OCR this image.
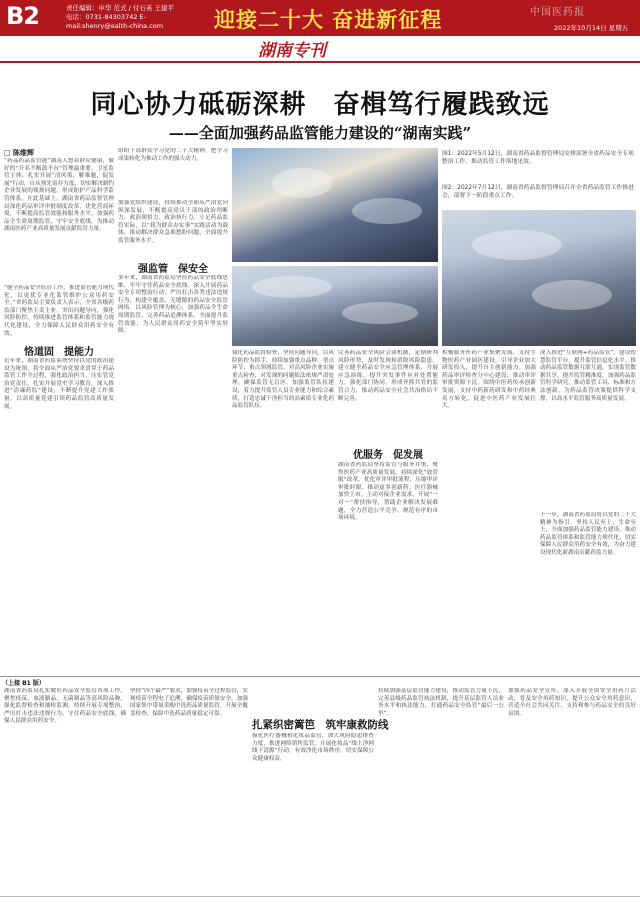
B2	责任编辑：申华 范式 / 付石英 王建平
电话：0731-84303742 E-mail:shenry@ealth-china.com	迎接二十大 奋进新征程	中国医药报
2022年10月14日 星期五
湖南专刊
同心协力砥砺深耕　奋楫笃行履践致远
——全面加强药品监管能力建设的“湖南实践”
□ 陈维辉
“药品药品监管能”湖南人想着群众健康，做好的“升名不断鼓不台”管理最重要，卫星监管主体，扎实开展“清风策，解难题，促发展”行动，自从预先寄存力度，切实解决制约企业发展的瓶颈问题，形成防护产品科学监管体系。在此基础上，湖南省药品监督管理局深化药品审评审批制度改革，优化营商环境，不断提高监管效能和服务水平，加强药品全生命周期监管，守牢安全底线，为推动湖南医药产业高质量发展贡献监管力量。
“健全药品安全监管工作，推进监管能力现代化，以更优专业化监管维护公众用药安全。”省药监局主要负责人表示，全省各级药监部门聚焦主责主业，突出问题导向，强化风险防控，持续推进监管体系和监管能力现代化建设，全力保障人民群众用药安全有效。
恪道固　提能力
近年来，湖南省药监系统坚持以党的政治建设为统领，将全面从严治党要求贯穿于药品监管工作全过程，强化政治担当，压实管党治党责任。扎实开展党史学习教育，深入推进“清廉药监”建设，不断提升党建工作质量。以高质量党建引领药品监管高质量发展。
组织干部群众学习党的二十大精神，把学习成果转化为推动工作的强大动力。
加强党组织建设，持续推动全面从严治党向纵深发展，不断提高党员干部的政治判断力、政治领悟力、政治执行力。立足药品监管实际，以“我为群众办实事”实践活动为载体，推动解决群众急难愁盼问题，全面提升监管服务水平。
强监管　保安全
多年来，湖南省药监局坚持药品安全底线思维，牢牢守住药品安全底线。深入开展药品安全专项整治行动，严厉打击各类违法违规行为，构建全覆盖、无缝隙的药品安全监管网络。以风险管理为核心，加强药品全生命周期监管，完善药品追溯体系，全面提升监管效能，为人民群众用药安全筑牢坚实屏障。
图1：2022年5月12日，湖南省药品监督管理局安排部署全省药品安全专项整治工作，推动监管工作落地见效。
图2：2022年7月12日，湖南省药品监督管理局召开全省药品监管工作推进会，部署下一阶段重点工作。
强化药品监督检查，坚持问题导向，以风险防控为抓手，持续加强重点品种、重点环节、重点领域监管。对高风险企业实施重点检查，对发现的问题依法依规严肃处理，确保监管无盲区。加强监管队伍建设，着力提升监管人员专业能力和综合素质，打造忠诚干净担当的高素质专业化药品监管队伍。
完善药品安全风险会商机制，定期研判风险形势，及时发现和消除风险隐患。建立健全药品安全应急管理体系，开展应急演练，提升突发事件应对处置能力。强化部门协同，形成齐抓共管的监管合力，推动药品安全社会共治格局不断完善。
优服务　促发展
湖南省药监局坚持监管与服务并重，聚焦医药产业高质量发展，持续深化“放管服”改革，优化审评审批流程，压缩审评审批时限，推动更多创新药、医疗器械加快上市。主动对接企业需求，开展“一对一”帮扶指导，帮助企业解决发展难题，全力营造公平竞争、规范有序的市场环境。
积极服务医药产业集聚发展，支持生物医药产业园区建设，引导企业加大研发投入，提升自主创新能力。加强药品审评检查分中心建设，推动审评审批资源下沉。围绕中医药传承创新发展，支持中药新药研发和中药经典名方转化，促进中医药产业发展壮大。
深入推进“互联网+药品监管”，建设智慧监管平台，提升监管信息化水平。推动药品监管数据互联互通，实现监管数据共享，提升监管精准度。加强药品监管科学研究，推动监管工具、标准和方法创新，为药品监管决策提供科学支撑，以高水平监管服务高质量发展。
下一步，湖南省药监局将以党的二十大精神为指引，坚持人民至上、生命至上，全面加强药品监管能力建设，推动药品监管体系和监管能力现代化，切实保障人民群众用药安全有效，为奋力建设现代化新湖南贡献药监力量。
（上接 B1 版）
湖南省药监局扎实做好药品安全监管各项工作，聚焦疫苗、血液制品、无菌制品等高风险品种，强化监督检查和抽检监测，持续开展专项整治，严厉打击违法违规行为，守住药品安全底线，确保人民群众用药安全。
坚持“四个最严”要求，加强疫苗全过程监管，实现疫苗全程电子追溯，确保疫苗质量安全。加强国家集中带量采购中选药品质量监管，开展全覆盖检查，保障中选药品质量稳定可靠。
扎紧织密篱笆　筑牢康救防线
强化医疗器械和化妆品监管，加大风险隐患排查力度，推进网络销售监管，开展化妆品“线上净网线下清源”行动，有效净化市场秩序，切实保障公众健康权益。
持续加强基层监管能力建设，推动监管力量下沉，完善县级药品监管执法机制，提升基层监管人员业务水平和执法能力，打通药品安全监管“最后一公里”。
加强药品安全宣传，深入开展全国安全用药月活动，普及安全用药知识，提升公众安全用药意识，营造全社会共同关注、支持和参与药品安全的良好氛围。
